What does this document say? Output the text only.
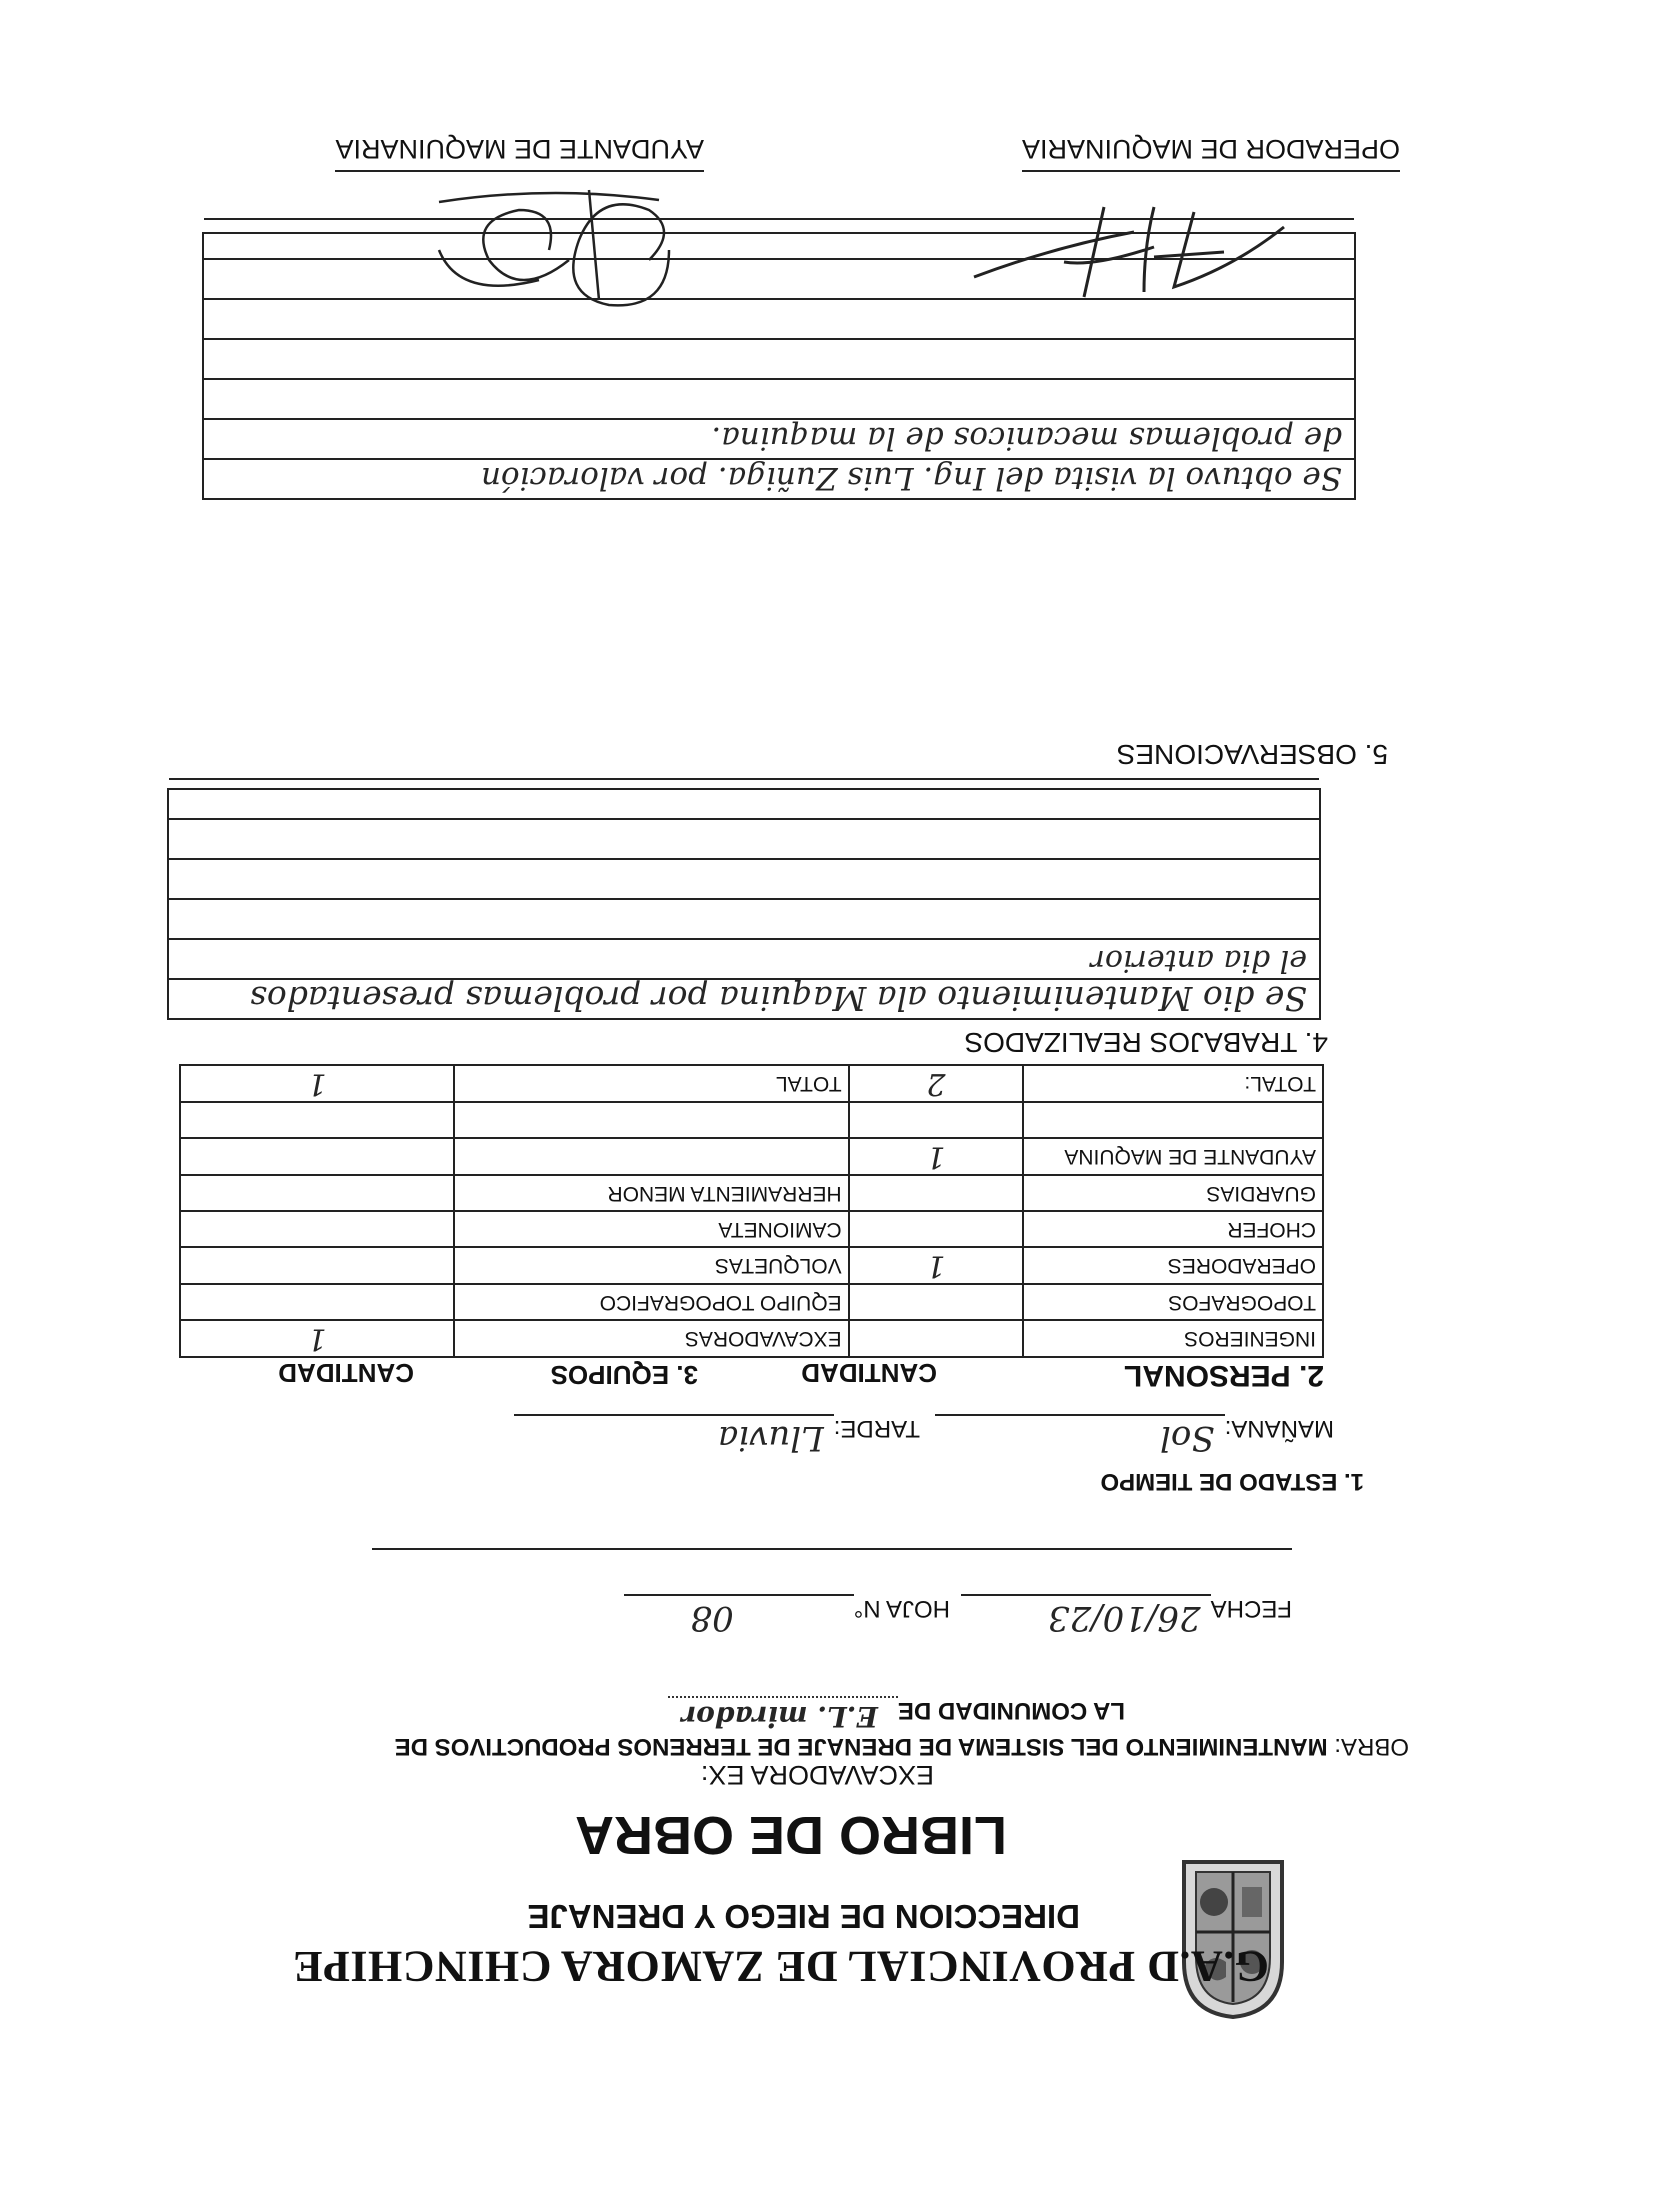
G.A.D PROVINCIAL DE ZAMORA CHINCHIPE
DIRECCION DE RIEGO Y DRENAJE
LIBRO DE OBRA
EXCAVADORA EX:
OBRA: MANTENIMIENTO DEL SISTEMA DE DRENAJE DE TERRENOS PRODUCTIVOS DE
LA COMUNIDAD DE
E.L. mirador
FECHA
26/10/23
HOJA N°
08
1. ESTADO DE TIEMPO
MAÑANA:
Sol
TARDE:
Lluvia
2. PERSONAL
CANTIDAD
3. EQUIPOS
CANTIDAD
INGENIEROS		EXCAVADORAS	1
TOPOGRAFOS		EQUIPO TOPOGRAFICO	
OPERADORES	1	VOLQUETAS	
CHOFER		CAMIONETA	
GUARDIAS		HERRAMIENTA MENOR	
AYUDANTE DE MAQUINA	1		

TOTAL:	2	TOTAL	1
4. TRABAJOS REALIZADOS
Se dio Mantenimiento ala Maquina por problemas presentados
el dia anterior
5. OBSERVACIONES
Se obtuvo la visita del Ing. Luis Zuñiga. por valoración
de problemas mecanicos de la maquina.
OPERADOR DE MAQUINARIA
AYUDANTE DE MAQUINARIA
